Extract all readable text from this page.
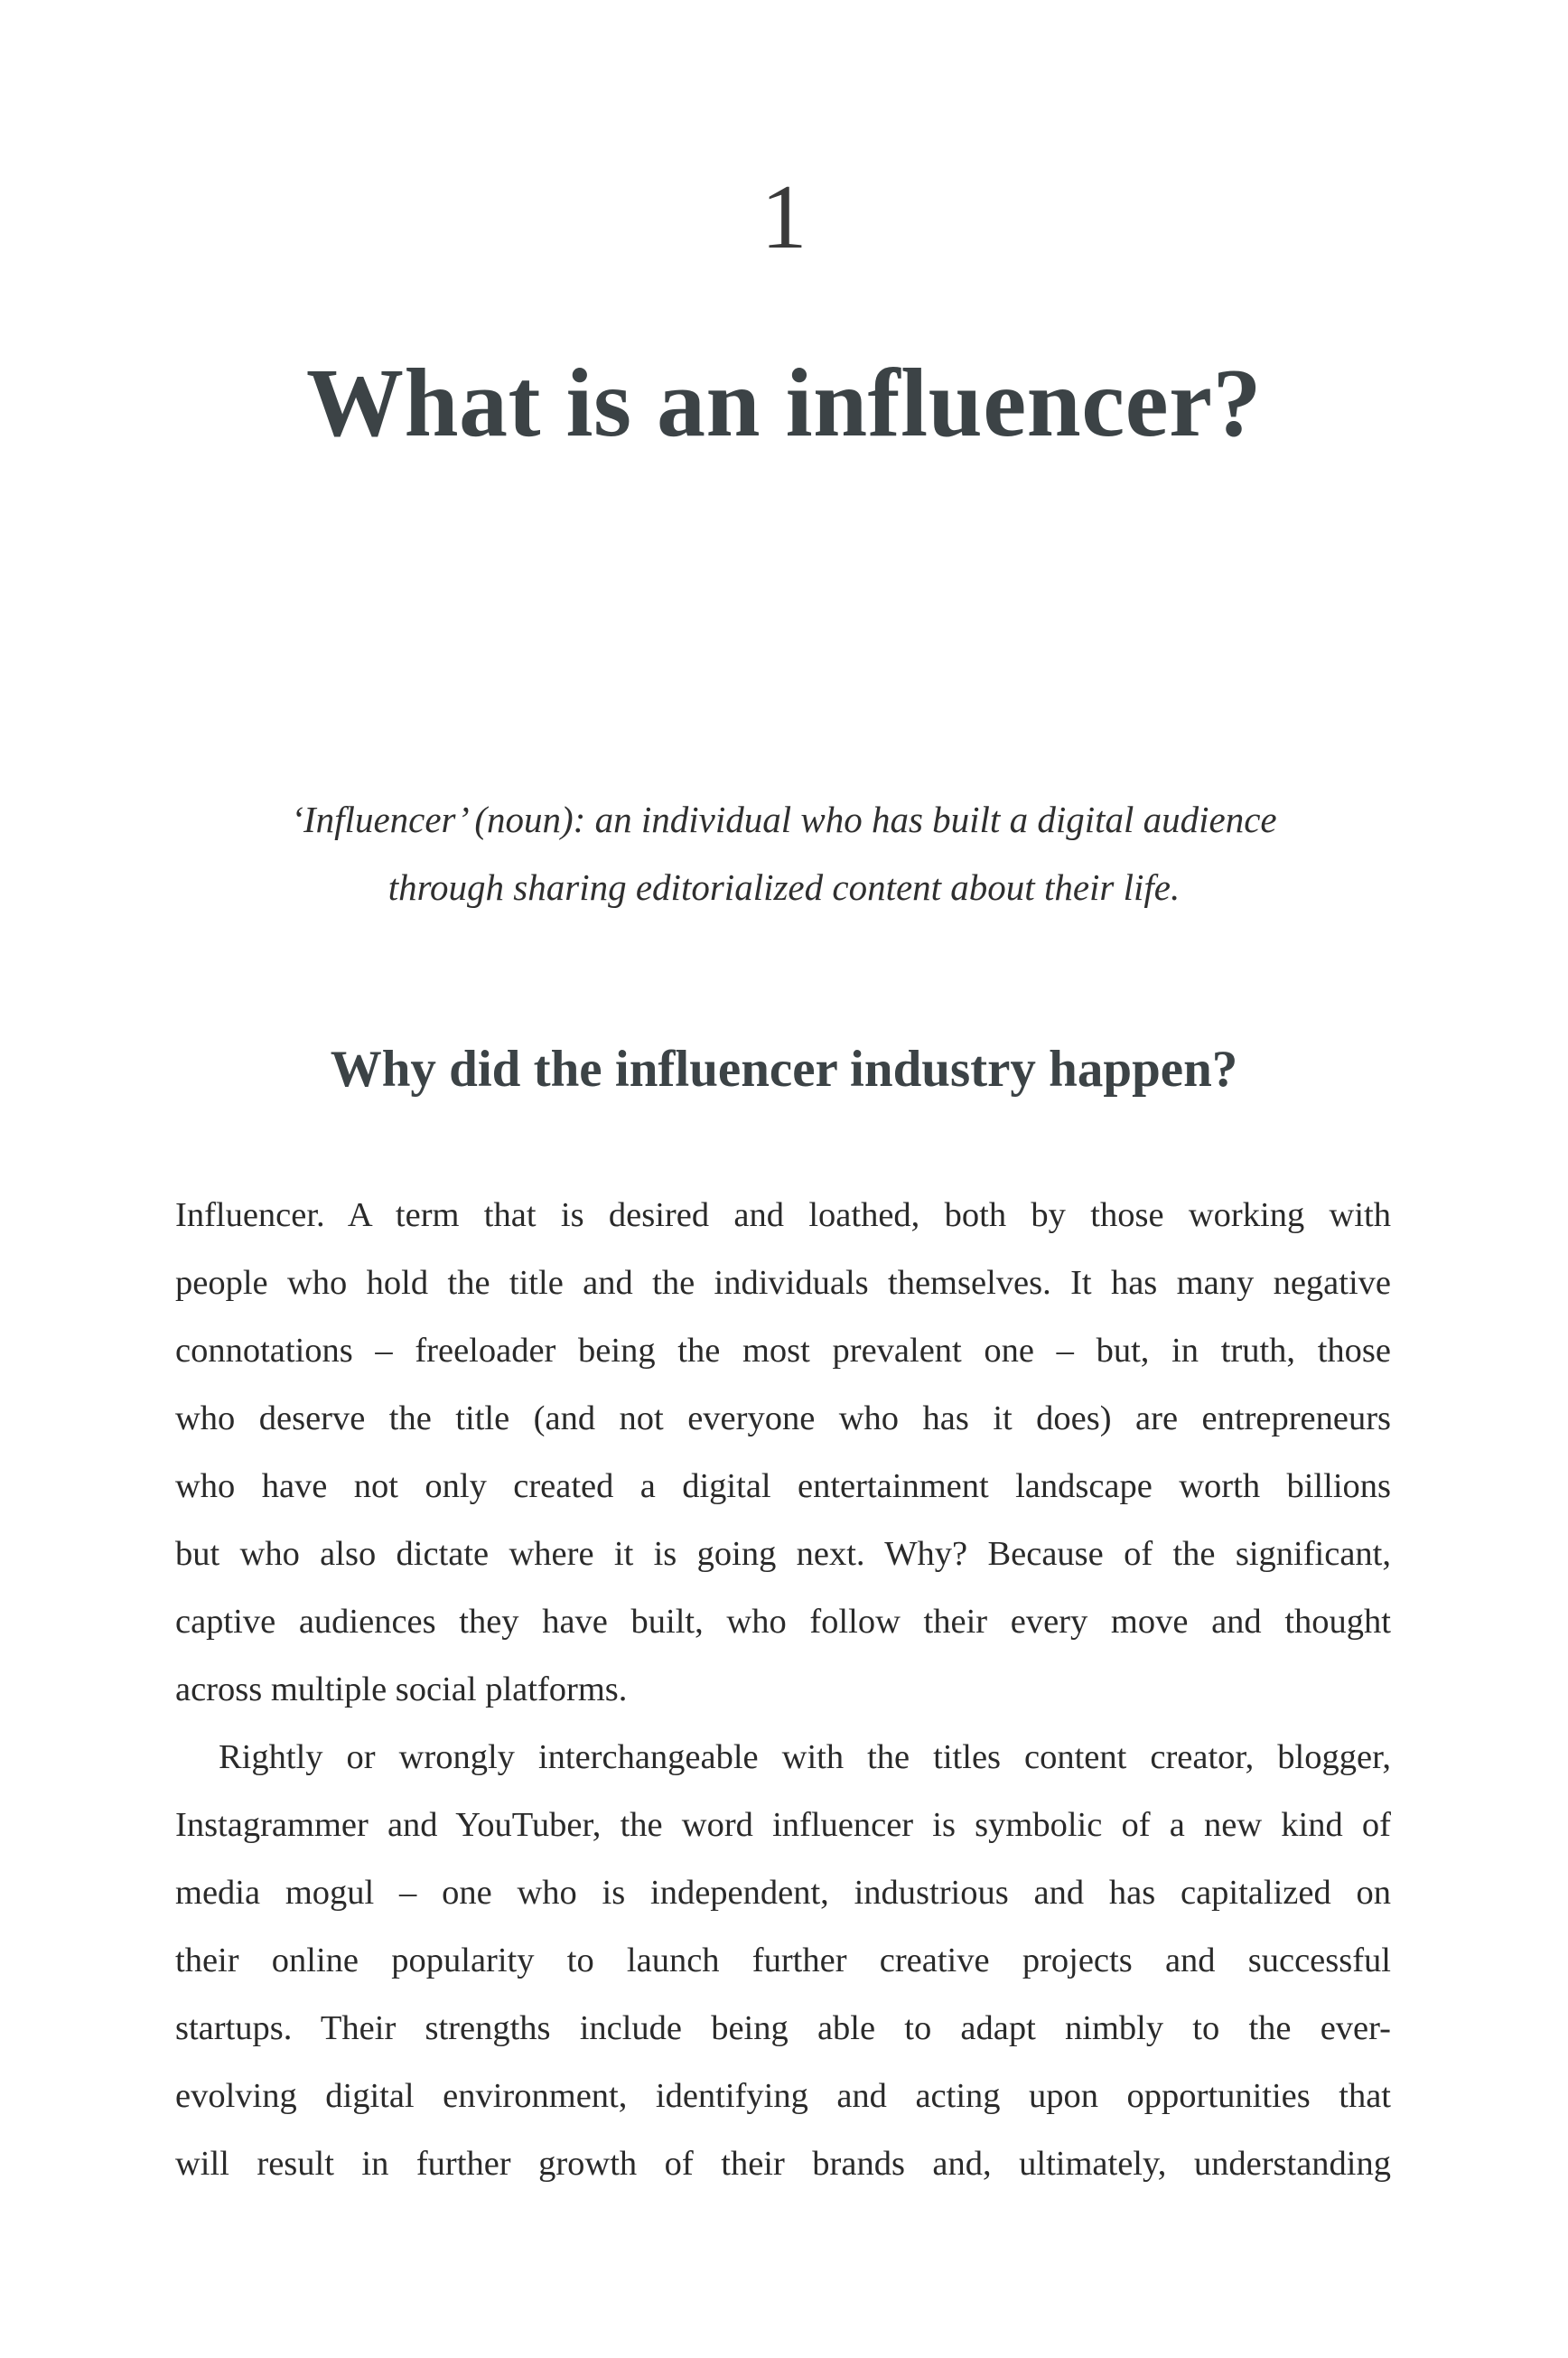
1
What is an influencer?
‘Influencer’ (noun): an individual who has built a digital audience
through sharing editorialized content about their life.
Why did the influencer industry happen?
Influencer. A term that is desired and loathed, both by those working with
people who hold the title and the individuals themselves. It has many negative
connotations – freeloader being the most prevalent one – but, in truth, those
who deserve the title (and not everyone who has it does) are entrepreneurs
who have not only created a digital entertainment landscape worth billions
but who also dictate where it is going next. Why? Because of the significant,
captive audiences they have built, who follow their every move and thought
across multiple social platforms.
Rightly or wrongly interchangeable with the titles content creator, blogger,
Instagrammer and YouTuber, the word influencer is symbolic of a new kind of
media mogul – one who is independent, industrious and has capitalized on
their online popularity to launch further creative projects and successful
startups. Their strengths include being able to adapt nimbly to the ever-
evolving digital environment, identifying and acting upon opportunities that
will result in further growth of their brands and, ultimately, understanding
